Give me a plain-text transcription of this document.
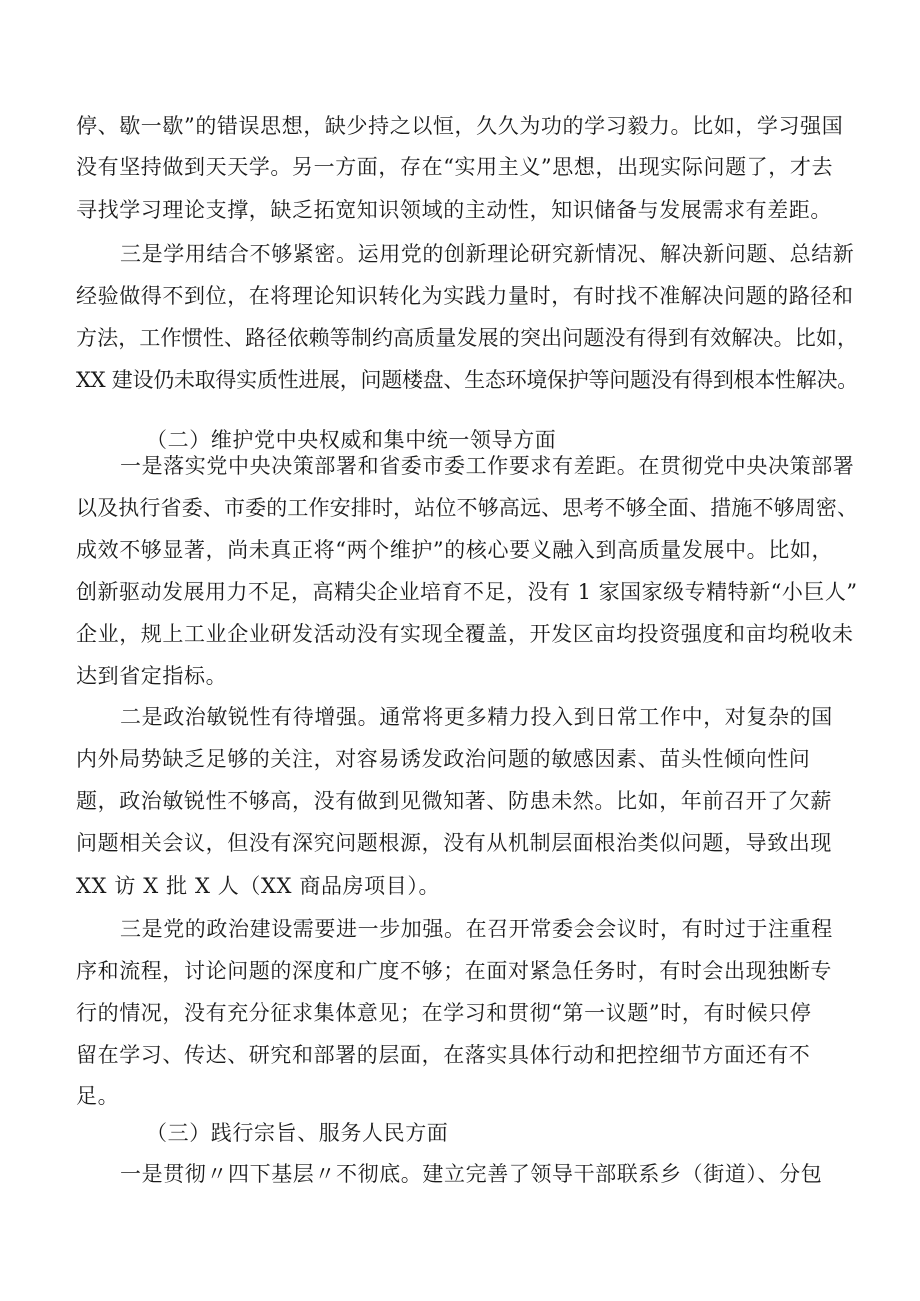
停、歇一歇”的错误思想，缺少持之以恒，久久为功的学习毅力。比如，学习强国
没有坚持做到天天学。另一方面，存在“实用主义”思想，出现实际问题了，才去
寻找学习理论支撑，缺乏拓宽知识领域的主动性，知识储备与发展需求有差距。
三是学用结合不够紧密。运用党的创新理论研究新情况、解决新问题、总结新
经验做得不到位，在将理论知识转化为实践力量时，有时找不准解决问题的路径和
方法，工作惯性、路径依赖等制约高质量发展的突出问题没有得到有效解决。比如，
XX 建设仍未取得实质性进展，问题楼盘、生态环境保护等问题没有得到根本性解决。
（二）维护党中央权威和集中统一领导方面
一是落实党中央决策部署和省委市委工作要求有差距。在贯彻党中央决策部署
以及执行省委、市委的工作安排时，站位不够高远、思考不够全面、措施不够周密、
成效不够显著，尚未真正将“两个维护”的核心要义融入到高质量发展中。比如，
创新驱动发展用力不足，高精尖企业培育不足，没有 1 家国家级专精特新“小巨人”
企业，规上工业企业研发活动没有实现全覆盖，开发区亩均投资强度和亩均税收未
达到省定指标。
二是政治敏锐性有待增强。通常将更多精力投入到日常工作中，对复杂的国
内外局势缺乏足够的关注，对容易诱发政治问题的敏感因素、苗头性倾向性问
题，政治敏锐性不够高，没有做到见微知著、防患未然。比如，年前召开了欠薪
问题相关会议，但没有深究问题根源，没有从机制层面根治类似问题，导致出现
XX 访 X 批 X 人（XX 商品房项目）。
三是党的政治建设需要进一步加强。在召开常委会会议时，有时过于注重程
序和流程，讨论问题的深度和广度不够；在面对紧急任务时，有时会出现独断专
行的情况，没有充分征求集体意见；在学习和贯彻“第一议题”时，有时候只停
留在学习、传达、研究和部署的层面，在落实具体行动和把控细节方面还有不
足。
（三）践行宗旨、服务人民方面
一是贯彻〃四下基层〃不彻底。建立完善了领导干部联系乡（街道）、分包
